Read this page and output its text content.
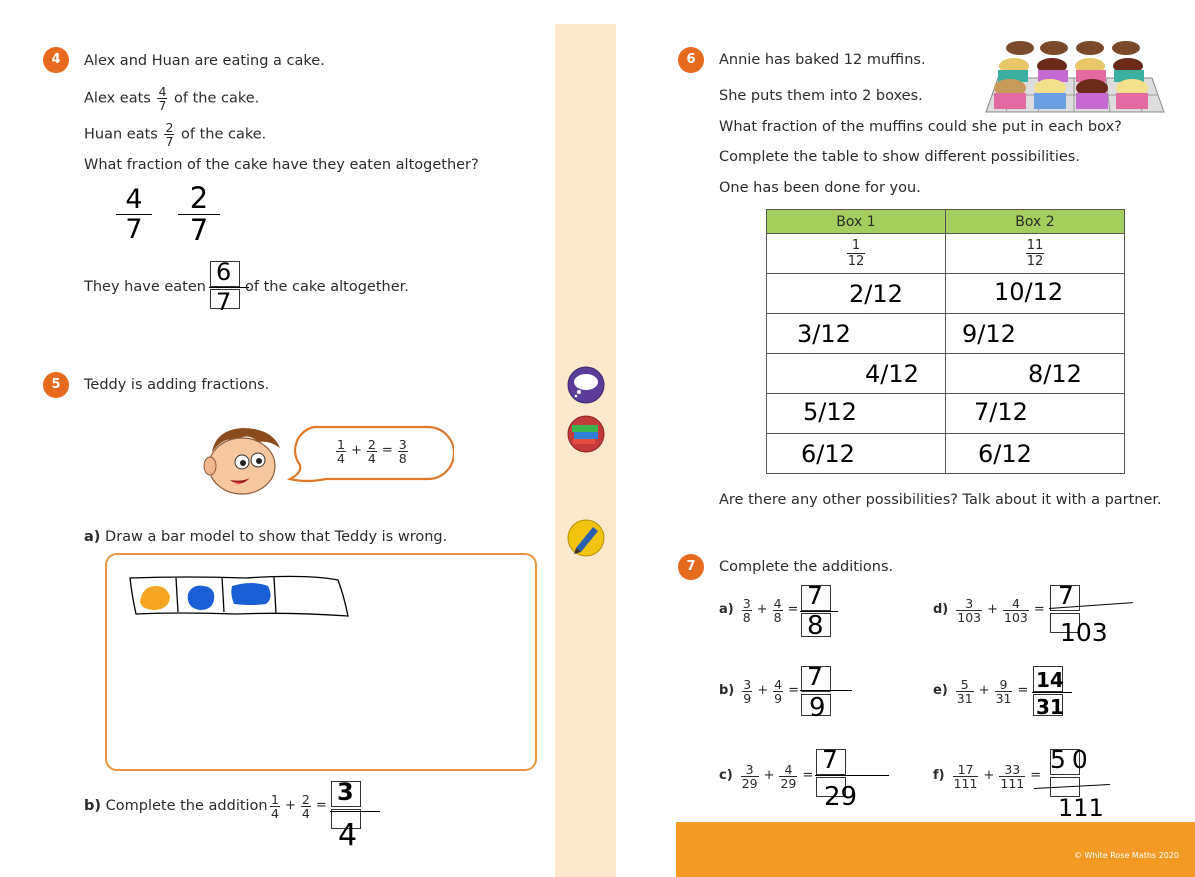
4	Alex and Huan are eating a cake.
Alex eats $\frac{4}{7}$ of the cake.
Huan eats $\frac{2}{7}$ of the cake.
What fraction of the cake have they eaten altogether?
4
7
2
7
They have eaten
6
7
of the cake altogether.
5	Teddy is adding fractions.
$\frac{1}{4} + \frac{2}{4} = \frac{3}{8}$
a) Draw a bar model to show that Teddy is wrong.
b) Complete the addition $\frac{1}{4} + \frac{2}{4} = 3$
4
6	Annie has baked 12 muffins.
She puts them into 2 boxes.
What fraction of the muffins could she put in each box?
Complete the table to show different possibilities.
One has been done for you.
Box 1	Box 2

$\frac{1}{12}$	$\frac{11}{12}$

2/12	10/12

3/12	9/12

4/12	8/12

5/12	7/12

6/12	6/12
Are there any other possibilities? Talk about it with a partner.
7	Complete the additions.
$a) \frac{3}{8} + \frac{4}{8} = 7$
8
$b) \frac{3}{9} + \frac{4}{9} = 7$
9
$c) \frac{3}{29} + \frac{4}{29}$ =
7
29
$d) \frac{3}{103} + \frac{4}{103} = 7$
103
$e) \frac{5}{31} + \frac{9}{31} = 14$
31
$f) \frac{17}{111} + \frac{33}{111}$ =
50
111
© White Rose Maths 2020
